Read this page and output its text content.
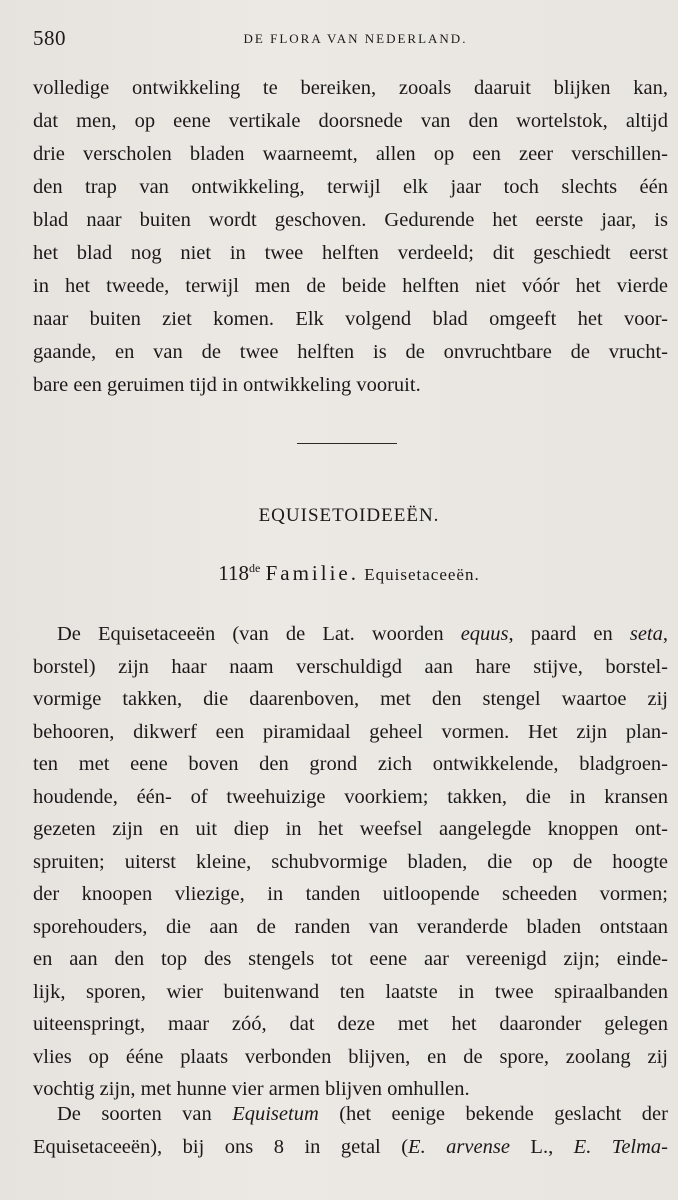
580	DE FLORA VAN NEDERLAND.
volledige ontwikkeling te bereiken, zooals daaruit blijken kan,
dat men, op eene vertikale doorsnede van den wortelstok, altijd
drie verscholen bladen waarneemt, allen op een zeer verschillen-
den trap van ontwikkeling, terwijl elk jaar toch slechts één
blad naar buiten wordt geschoven. Gedurende het eerste jaar, is
het blad nog niet in twee helften verdeeld; dit geschiedt eerst
in het tweede, terwijl men de beide helften niet vóór het vierde
naar buiten ziet komen. Elk volgend blad omgeeft het voor-
gaande, en van de twee helften is de onvruchtbare de vrucht-
bare een geruimen tijd in ontwikkeling vooruit.
EQUISETOIDEEËN.
118de Familie. Equisetaceeën.
De Equisetaceeën (van de Lat. woorden equus, paard en seta,
borstel) zijn haar naam verschuldigd aan hare stijve, borstel-
vormige takken, die daarenboven, met den stengel waartoe zij
behooren, dikwerf een piramidaal geheel vormen. Het zijn plan-
ten met eene boven den grond zich ontwikkelende, bladgroen-
houdende, één- of tweehuizige voorkiem; takken, die in kransen
gezeten zijn en uit diep in het weefsel aangelegde knoppen ont-
spruiten; uiterst kleine, schubvormige bladen, die op de hoogte
der knoopen vliezige, in tanden uitloopende scheeden vormen;
sporehouders, die aan de randen van veranderde bladen ontstaan
en aan den top des stengels tot eene aar vereenigd zijn; einde-
lijk, sporen, wier buitenwand ten laatste in twee spiraalbanden
uiteenspringt, maar zóó, dat deze met het daaronder gelegen
vlies op ééne plaats verbonden blijven, en de spore, zoolang zij
vochtig zijn, met hunne vier armen blijven omhullen.
De soorten van Equisetum (het eenige bekende geslacht der
Equisetaceeën), bij ons 8 in getal (E. arvense L., E. Telma-
